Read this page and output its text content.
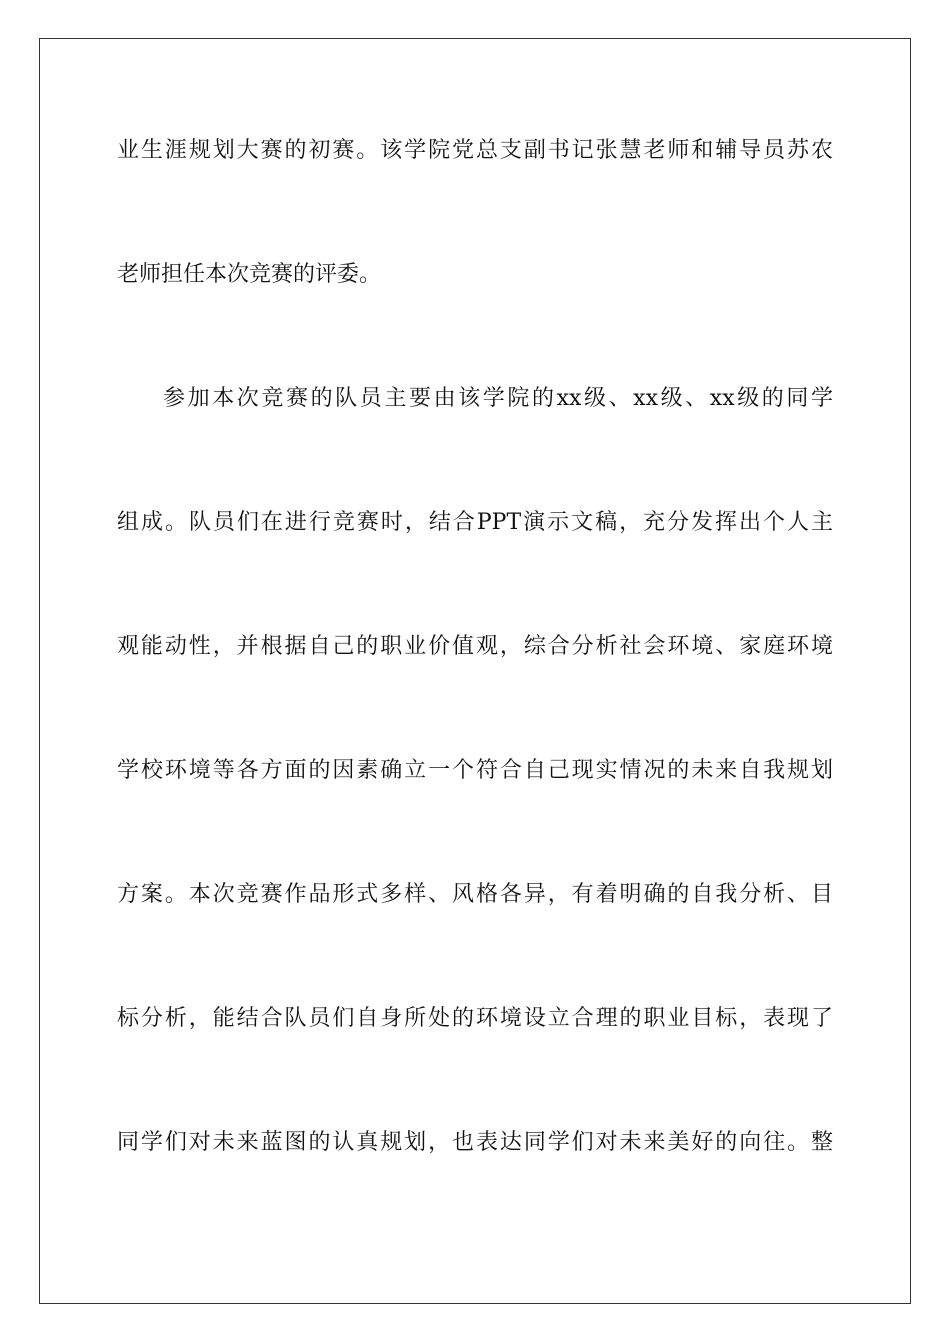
业生涯规划大赛的初赛。该学院党总支副书记张慧老师和辅导员苏农

老师担任本次竞赛的评委。

参加本次竞赛的队员主要由该学院的xx级、xx级、xx级的同学

组成。队员们在进行竞赛时，结合PPT演示文稿，充分发挥出个人主

观能动性，并根据自己的职业价值观，综合分析社会环境、家庭环境

学校环境等各方面的因素确立一个符合自己现实情况的未来自我规划

方案。本次竞赛作品形式多样、风格各异，有着明确的自我分析、目

标分析，能结合队员们自身所处的环境设立合理的职业目标，表现了

同学们对未来蓝图的认真规划，也表达同学们对未来美好的向往。整
